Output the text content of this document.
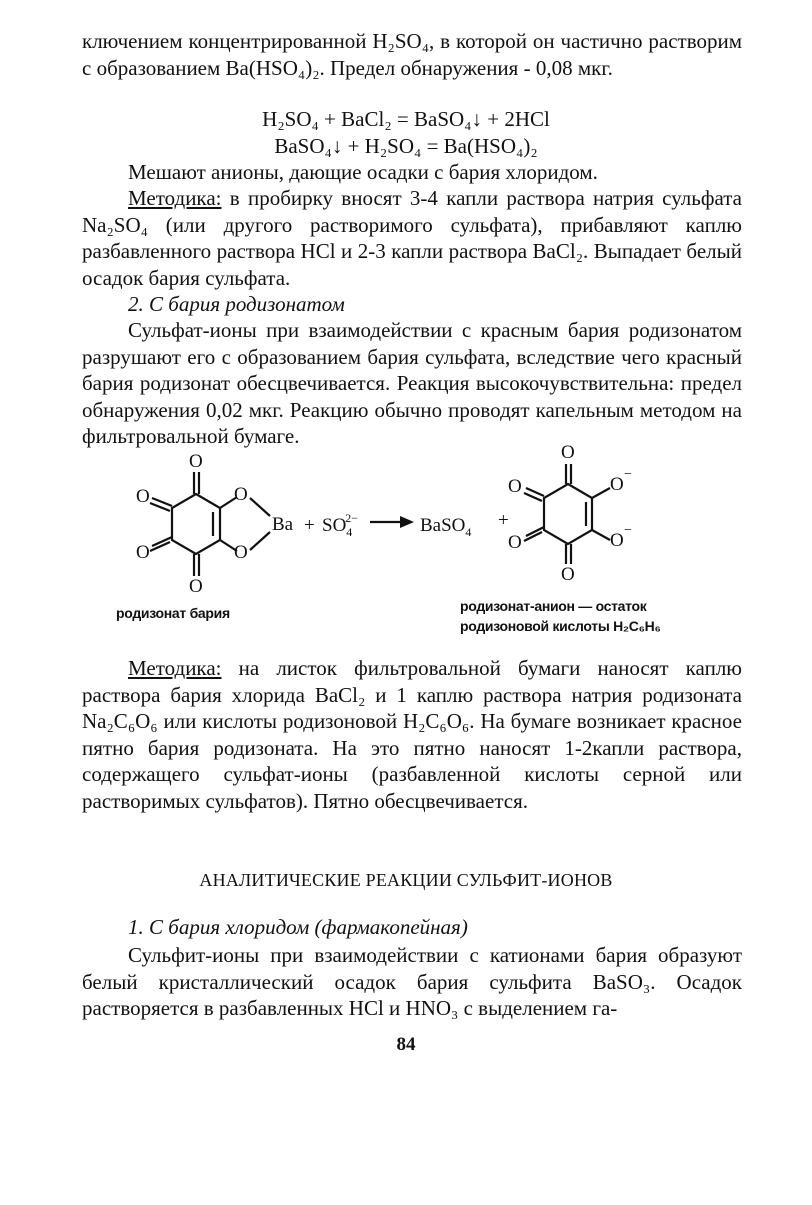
ключением концентрированной H₂SO₄, в которой он частично растворим с образованием Ba(HSO₄)₂. Предел обнаружения - 0,08 мкг.

H₂SO₄ + BaCl₂ = BaSO₄↓ + 2HCl
BaSO₄↓ + H₂SO₄ = Ba(HSO₄)₂

Мешают анионы, дающие осадки с бария хлоридом.

Методика: в пробирку вносят 3-4 капли раствора натрия сульфата Na₂SO₄ (или другого растворимого сульфата), прибавляют каплю разбавленного раствора HCl и 2-3 капли раствора BaCl₂. Выпадает белый осадок бария сульфата.

2. С бария родизонатом

Сульфат-ионы при взаимодействии с красным бария родизонатом разрушают его с образованием бария сульфата, вследствие чего красный бария родизонат обесцвечивается. Реакция высокочувствительна: предел обнаружения 0,02 мкг. Реакцию обычно проводят капельным методом на фильтровальной бумаге.

O
O
O
O
O
O
$Ba + SO_42-$	BaSO$_4$
+
O
O
O
O
O
O
−
−
родизонат бария	родизонат-анион — остаток
родизоновой кислоты H₂C₆H₆

Методика: на листок фильтровальной бумаги наносят каплю раствора бария хлорида BaCl₂ и 1 каплю раствора натрия родизоната Na₂C₆O₆ или кислоты родизоновой H₂C₆O₆. На бумаге возникает красное пятно бария родизоната. На это пятно наносят 1-2капли раствора, содержащего сульфат-ионы (разбавленной кислоты серной или растворимых сульфатов). Пятно обесцвечивается.

АНАЛИТИЧЕСКИЕ РЕАКЦИИ СУЛЬФИТ-ИОНОВ

1. С бария хлоридом (фармакопейная)

Сульфит-ионы при взаимодействии с катионами бария образуют белый кристаллический осадок бария сульфита BaSO₃. Осадок растворяется в разбавленных HCl и HNO₃ с выделением га-

84
